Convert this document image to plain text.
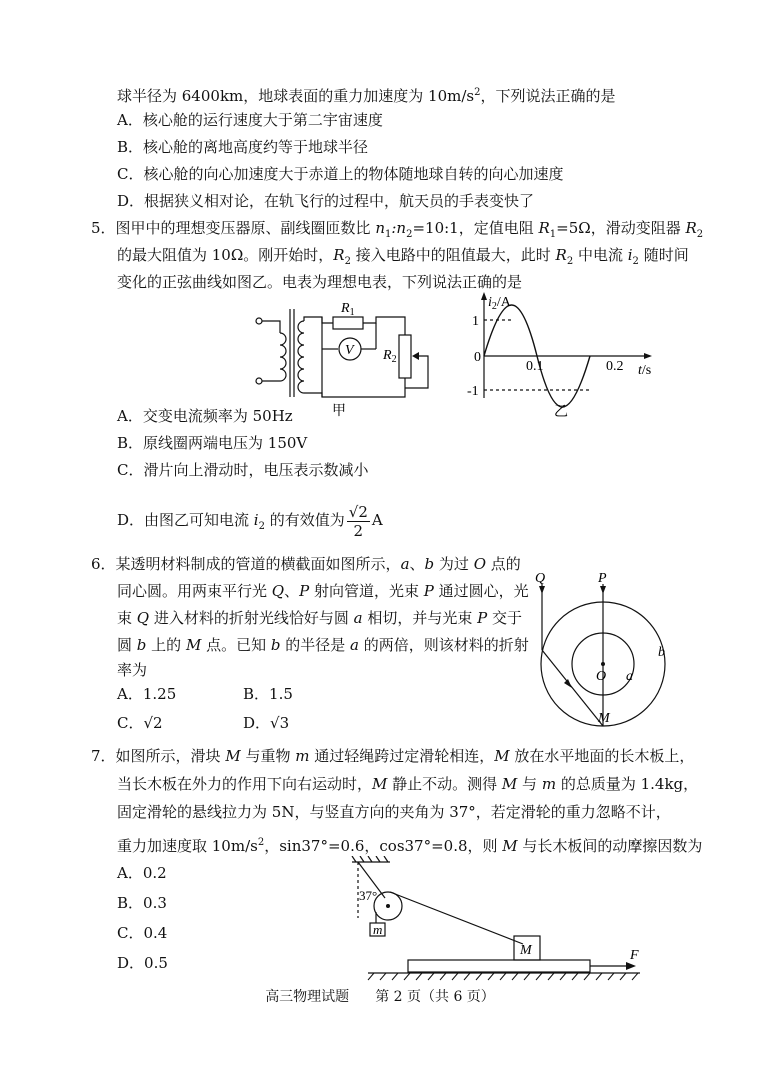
球半径为 6400km，地球表面的重力加速度为 $10m/s^2$，下列说法正确的是
A．核心舱的运行速度大于第二宇宙速度
B．核心舱的离地高度约等于地球半径
C．核心舱的向心加速度大于赤道上的物体随地球自转的向心加速度
D．根据狭义相对论，在轨飞行的过程中，航天员的手表变快了
5．图甲中的理想变压器原、副线圈匝数比 $n_1:n_2=10:1$，定值电阻 $R_1=5\Omega$，滑动变阻器 $R_2$
的最大阻值为 10Ω。刚开始时，$R_2$ 接入电路中的阻值最大，此时 $R_2$ 中电流 $i_2$ 随时间
变化的正弦曲线如图乙。电表为理想电表，下列说法正确的是
$R_1$
V $R_2$
甲
$i_2/A$
1
0
-1
0.1	0.2 t/s
乙
A．交变电流频率为 50Hz
B．原线圈两端电压为 150V
C．滑片向上滑动时，电压表示数减小
D．由图乙可知电流 $i_2$ 的有效值为 $\frac{√2}{2}$ A
6．某透明材料制成的管道的横截面如图所示，a、b 为过 O 点的
同心圆。用两束平行光 Q、P 射向管道，光束 P 通过圆心，光
束 Q 进入材料的折射光线恰好与圆 a 相切，并与光束 P 交于
圆 b 上的 M 点。已知 b 的半径是 a 的两倍，则该材料的折射
率为
A．1.25	B．1.5
C．√2	D．√3
Q	P
b
O a
M
7．如图所示，滑块 M 与重物 m 通过轻绳跨过定滑轮相连，M 放在水平地面的长木板上，
当长木板在外力的作用下向右运动时，M 静止不动。测得 M 与 m 的总质量为 1.4kg，
固定滑轮的悬线拉力为 5N，与竖直方向的夹角为 37°，若定滑轮的重力忽略不计，
重力加速度取 $10m/s^2$，sin37°=0.6，cos37°=0.8，则 M 与长木板间的动摩擦因数为
A．0.2
B．0.3
C．0.4
D．0.5
37°
m
M	F
高三物理试题 第 2 页（共 6 页）
